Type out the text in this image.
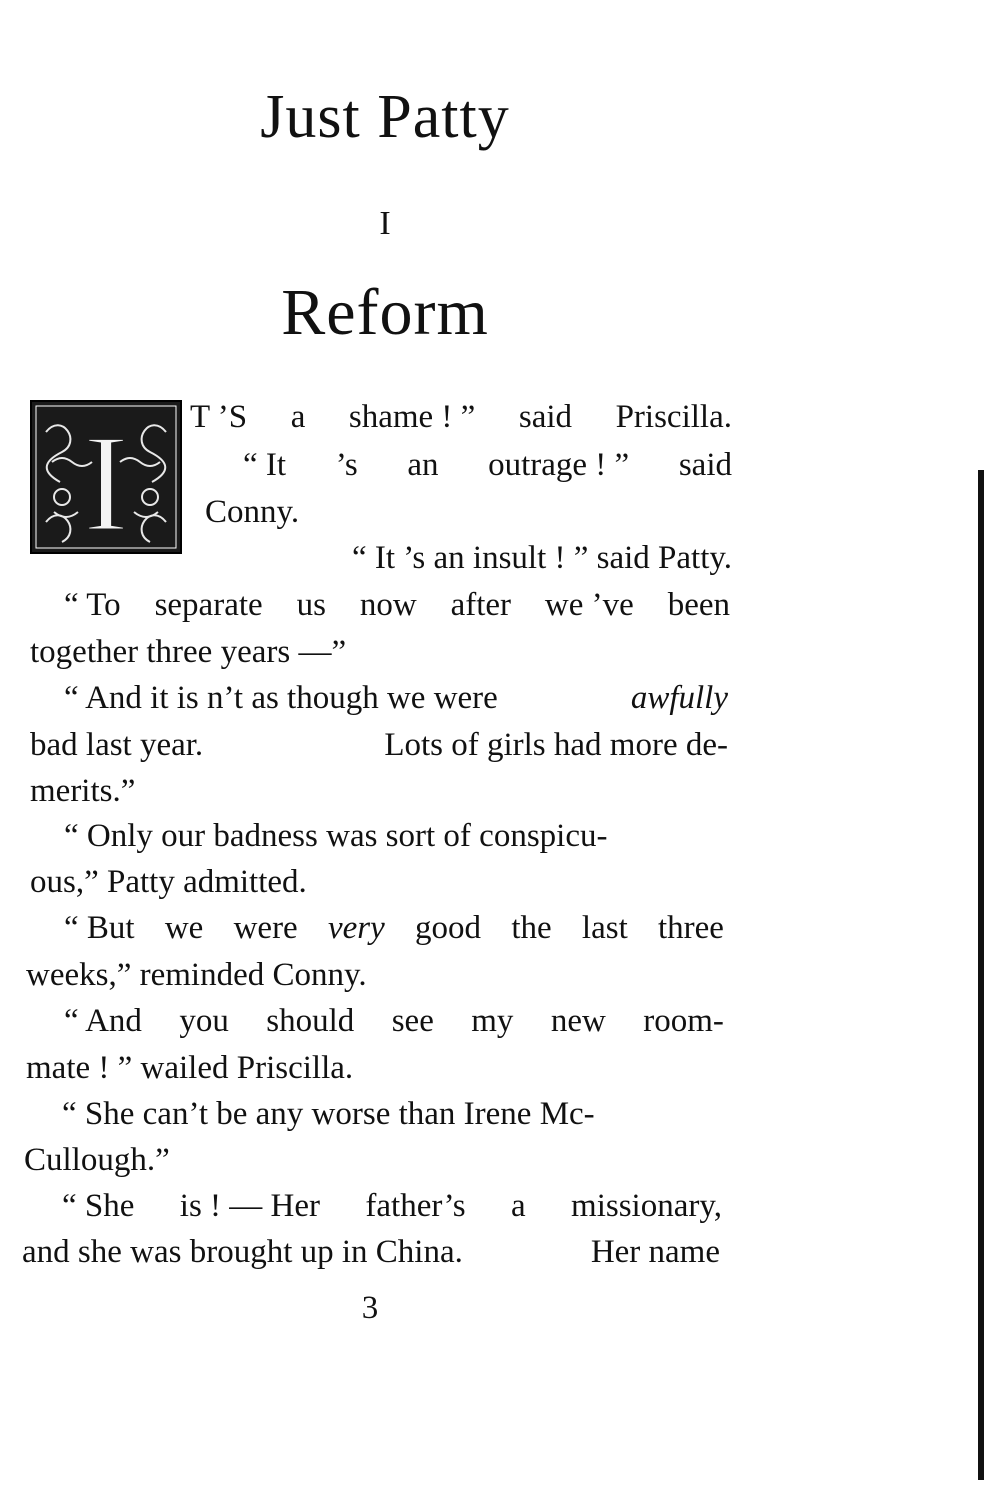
Just Patty
I
Reform
I T ’S a shame ! ” said Priscilla.
“ It ’s an outrage ! ” said
Conny.
“ It ’s an insult ! ” said Patty.
“ To separate us now after we ’ve been
together three years —”
“ And it is n’t as though we were	awfully
bad last year.	Lots of girls had more de-
merits.”
“ Only our badness was sort of conspicu-
ous,” Patty admitted.
“ But we were very good the last three
weeks,” reminded Conny.
“ And you should see my new room-
mate ! ” wailed Priscilla.
“ She can’t be any worse than Irene Mc-
Cullough.”
“ She is ! — Her father’s a missionary,
and she was brought up in China.	Her name
3
